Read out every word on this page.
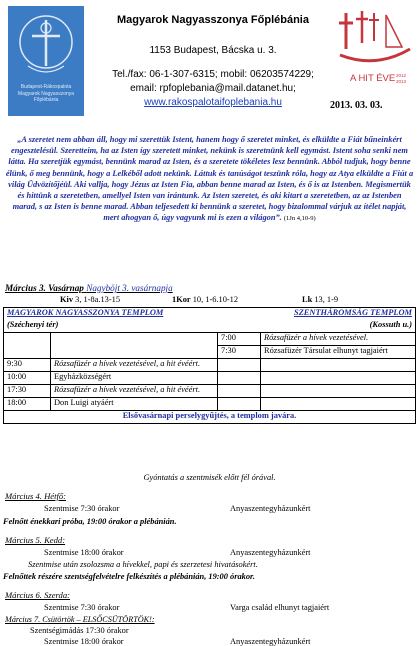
Budapest-Rákospalota
Magyarok Nagyasszonya
Főplébánia
A HIT ÉVE 2012
2013
Magyarok Nagyasszonya Főplébánia
1153 Budapest, Bácska u. 3.
Tel./fax: 06-1-307-6315; mobil: 06203574229;
email: rpfoplebania@mail.datanet.hu;
www.rakospalotaifoplebania.hu	2013. 03. 03.
„A szeretet nem abban áll, hogy mi szerettük Istent, hanem hogy ő szeretet minket, és elküldte a Fiát bűneinkért engesztelésül. Szeretteim, ha az Isten így szeretett minket, nekünk is szeretnünk kell egymást. Istent soha senki nem látta. Ha szeretjük egymást, bennünk marad az Isten, és a szeretete tökéletes lesz bennünk. Abból tudjuk, hogy benne élünk, ő meg bennünk, hogy a Lelkéből adott nekünk. Láttuk és tanúságot teszünk róla, hogy az Atya elküldte a Fiút a világ Üdvözítőjéül. Aki vallja, hogy Jézus az Isten Fia, abban benne marad az Isten, és ő is az Istenben. Megismertük és hittünk a szeretetben, amellyel Isten van irántunk. Az Isten szeretet, és aki kitart a szeretetben, az az Istenben marad, s az Isten is benne marad. Abban teljesedett ki bennünk a szeretet, hogy bizalommal várjuk az ítélet napját, mert ahogyan ő, úgy vagyunk mi is ezen a világon”. (1Jn 4,10-9)
Március 3. Vasárnap Nagyböjt 3. vasárnapja
Kiv 3, 1-8a.13-15	1Kor 10, 1-6.10-12	Lk 13, 1-9
MAGYAROK NAGYASSZONYA TEMPLOM		SZENTHÁROMSÁG TEMPLOM	
(Széchenyi tér)		(Kossuth u.)	
		7:00	Rózsafüzér a hívek vezetésével.
		7:30	Rózsafüzér Társulat elhunyt tagjaiért
9:30	Rózsafüzér a hívek vezetésével, a hit évéért.		
10:00	Egyházközségért		
17:30	Rózsafüzér a hívek vezetésével, a hit évéért.		
18:00	Don Luigi atyáért		
Elsővasárnapi perselygyűjtés, a templom javára.			
Gyóntatás a szentmisék előtt fél órával.
Március 4. Hétfő:
Szentmise 7:30 órakor	Anyaszentegyházunkért
Felnőtt énekkari próba, 19:00 órakor a plébánián.
Március 5. Kedd:
Szentmise 18:00 órakor	Anyaszentegyházunkért
Szentmise után zsolozsma a hívekkel, papi és szerzetesi hivatásokért.
Felnőttek részére szentségfelvételre felkészítés a plébánián, 19:00 órakor.
Március 6. Szerda:
Szentmise 7:30 órakor	Varga család elhunyt tagjaiért
Március 7. Csütörtök – ELSŐCSÜTÖRTÖK!:
Szentségimádás 17:30 órakor
Szentmise 18:00 órakor	Anyaszentegyházunkért
